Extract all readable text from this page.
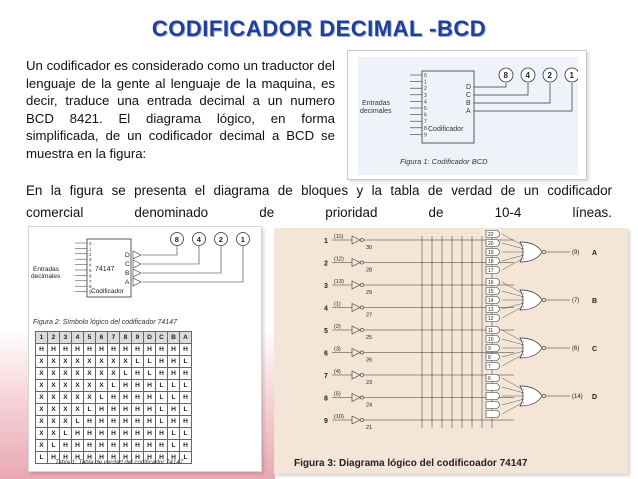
CODIFICADOR DECIMAL -BCD
Un codificador es considerado como un traductor del lenguaje de la gente al lenguaje de la maquina, es decir, traduce una entrada decimal a un numero BCD 8421. El diagrama lógico, en forma simplificada, de un codificador decimal a BCD se muestra en la figura:
Codificador
0
1
2
3
4
5
6
7
8
9
Entradas
decimales
D
8
C
4
B
2
A
1
Figura 1: Codificador BCD
En la figura se presenta el diagrama de bloques y la tabla de verdad de un codificador
comercial	denominado	de	prioridad	de	10-4	líneas.
74147
Codificador
Entradas
decimales
0
1
2
3
4
5
6
7
8
9
D
8
C
4
B
2
A
1
Figura 2: Símbolo lógico del codificador 74147
1	2	3	4	5	6	7	8	9	D	C	B	A
H	H	H	H	H	H	H	H	H	H	H	H	H
X	X	X	X	X	X	X	X	L	L	H	H	L
X	X	X	X	X	X	X	L	H	L	H	H	H
X	X	X	X	X	X	L	H	H	H	L	L	L
X	X	X	X	X	L	H	H	H	H	L	L	H
X	X	X	X	L	H	H	H	H	H	L	H	L
X	X	X	L	H	H	H	H	H	H	L	H	H
X	X	L	H	H	H	H	H	H	H	H	L	L
X	L	H	H	H	H	H	H	H	H	H	L	H
L	H	H	H	H	H	H	H	H	H	H	H	L
Tabla 1: Tabla de verdad del codificador 74147
1
(11)
30
2
(12)
28
3
(13)
29
4
(1)
27
5
(2)
25
6
(3)
26
7
(4)
23
8
(5)
24
9
(10)
21
22
20
19
18
17
(9) A
16
15
14
13
12
(7) B
11
10
9
8
7
(6) C
6
(14) D
Figura 3: Diagrama lógico del codificoador 74147
